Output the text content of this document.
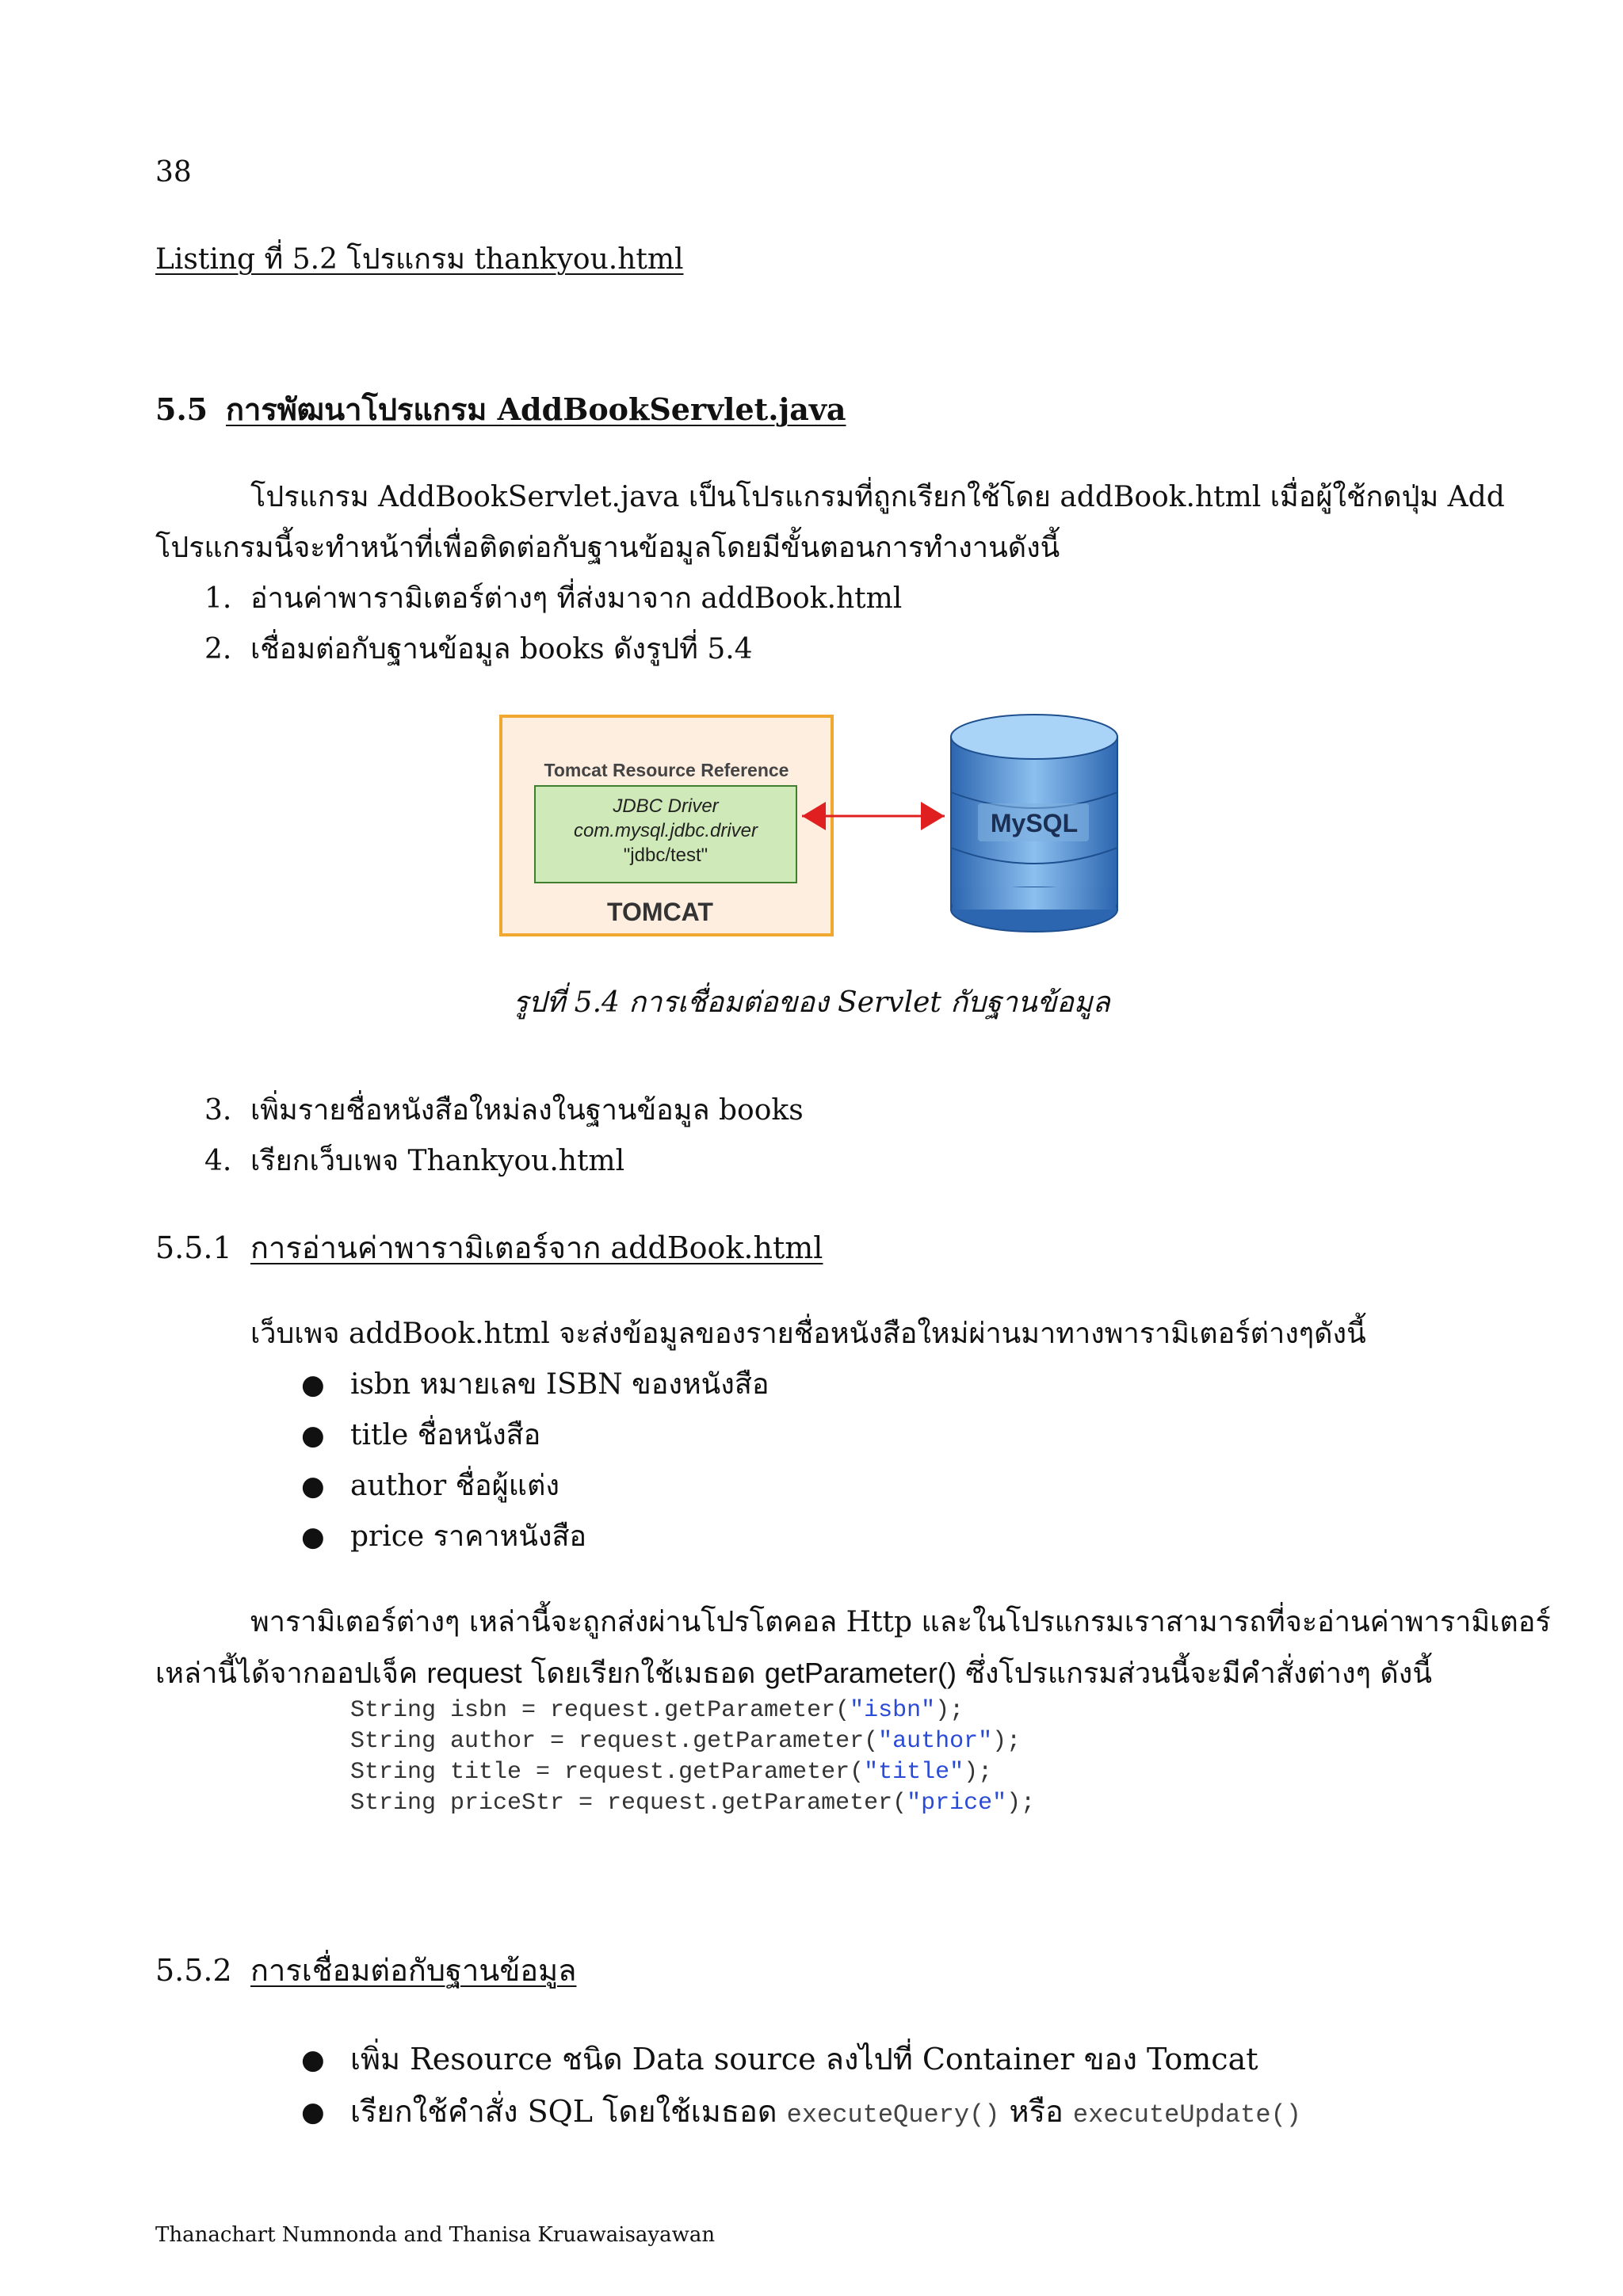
38
Listing ที่ 5.2 โปรแกรม thankyou.html
5.5 การพัฒนาโปรแกรม AddBookServlet.java
โปรแกรม AddBookServlet.java เป็นโปรแกรมที่ถูกเรียกใช้โดย addBook.html เมื่อผู้ใช้กดปุ่ม Add
โปรแกรมนี้จะทำหน้าที่เพื่อติดต่อกับฐานข้อมูลโดยมีขั้นตอนการทำงานดังนี้
1. อ่านค่าพารามิเตอร์ต่างๆ ที่ส่งมาจาก addBook.html
2. เชื่อมต่อกับฐานข้อมูล books ดังรูปที่ 5.4
Tomcat Resource Reference
JDBC Driver
com.mysql.jdbc.driver
"jdbc/test"
TOMCAT
MySQL
รูปที่ 5.4 การเชื่อมต่อของ Servlet กับฐานข้อมูล
3. เพิ่มรายชื่อหนังสือใหม่ลงในฐานข้อมูล books
4. เรียกเว็บเพจ Thankyou.html
5.5.1 การอ่านค่าพารามิเตอร์จาก addBook.html
เว็บเพจ addBook.html จะส่งข้อมูลของรายชื่อหนังสือใหม่ผ่านมาทางพารามิเตอร์ต่างๆดังนี้
● isbn หมายเลข ISBN ของหนังสือ
● title ชื่อหนังสือ
● author ชื่อผู้แต่ง
● price ราคาหนังสือ
พารามิเตอร์ต่างๆ เหล่านี้จะถูกส่งผ่านโปรโตคอล Http และในโปรแกรมเราสามารถที่จะอ่านค่าพารามิเตอร์
เหล่านี้ได้จากออปเจ็ค request โดยเรียกใช้เมธอด getParameter() ซึ่งโปรแกรมส่วนนี้จะมีคำสั่งต่างๆ ดังนี้
String isbn = request.getParameter("isbn");
String author = request.getParameter("author");
String title = request.getParameter("title");
String priceStr = request.getParameter("price");
5.5.2 การเชื่อมต่อกับฐานข้อมูล
● เพิ่ม Resource ชนิด Data source ลงไปที่ Container ของ Tomcat
● เรียกใช้คำสั่ง SQL โดยใช้เมธอด executeQuery() หรือ executeUpdate()
Thanachart Numnonda and Thanisa Kruawaisayawan
